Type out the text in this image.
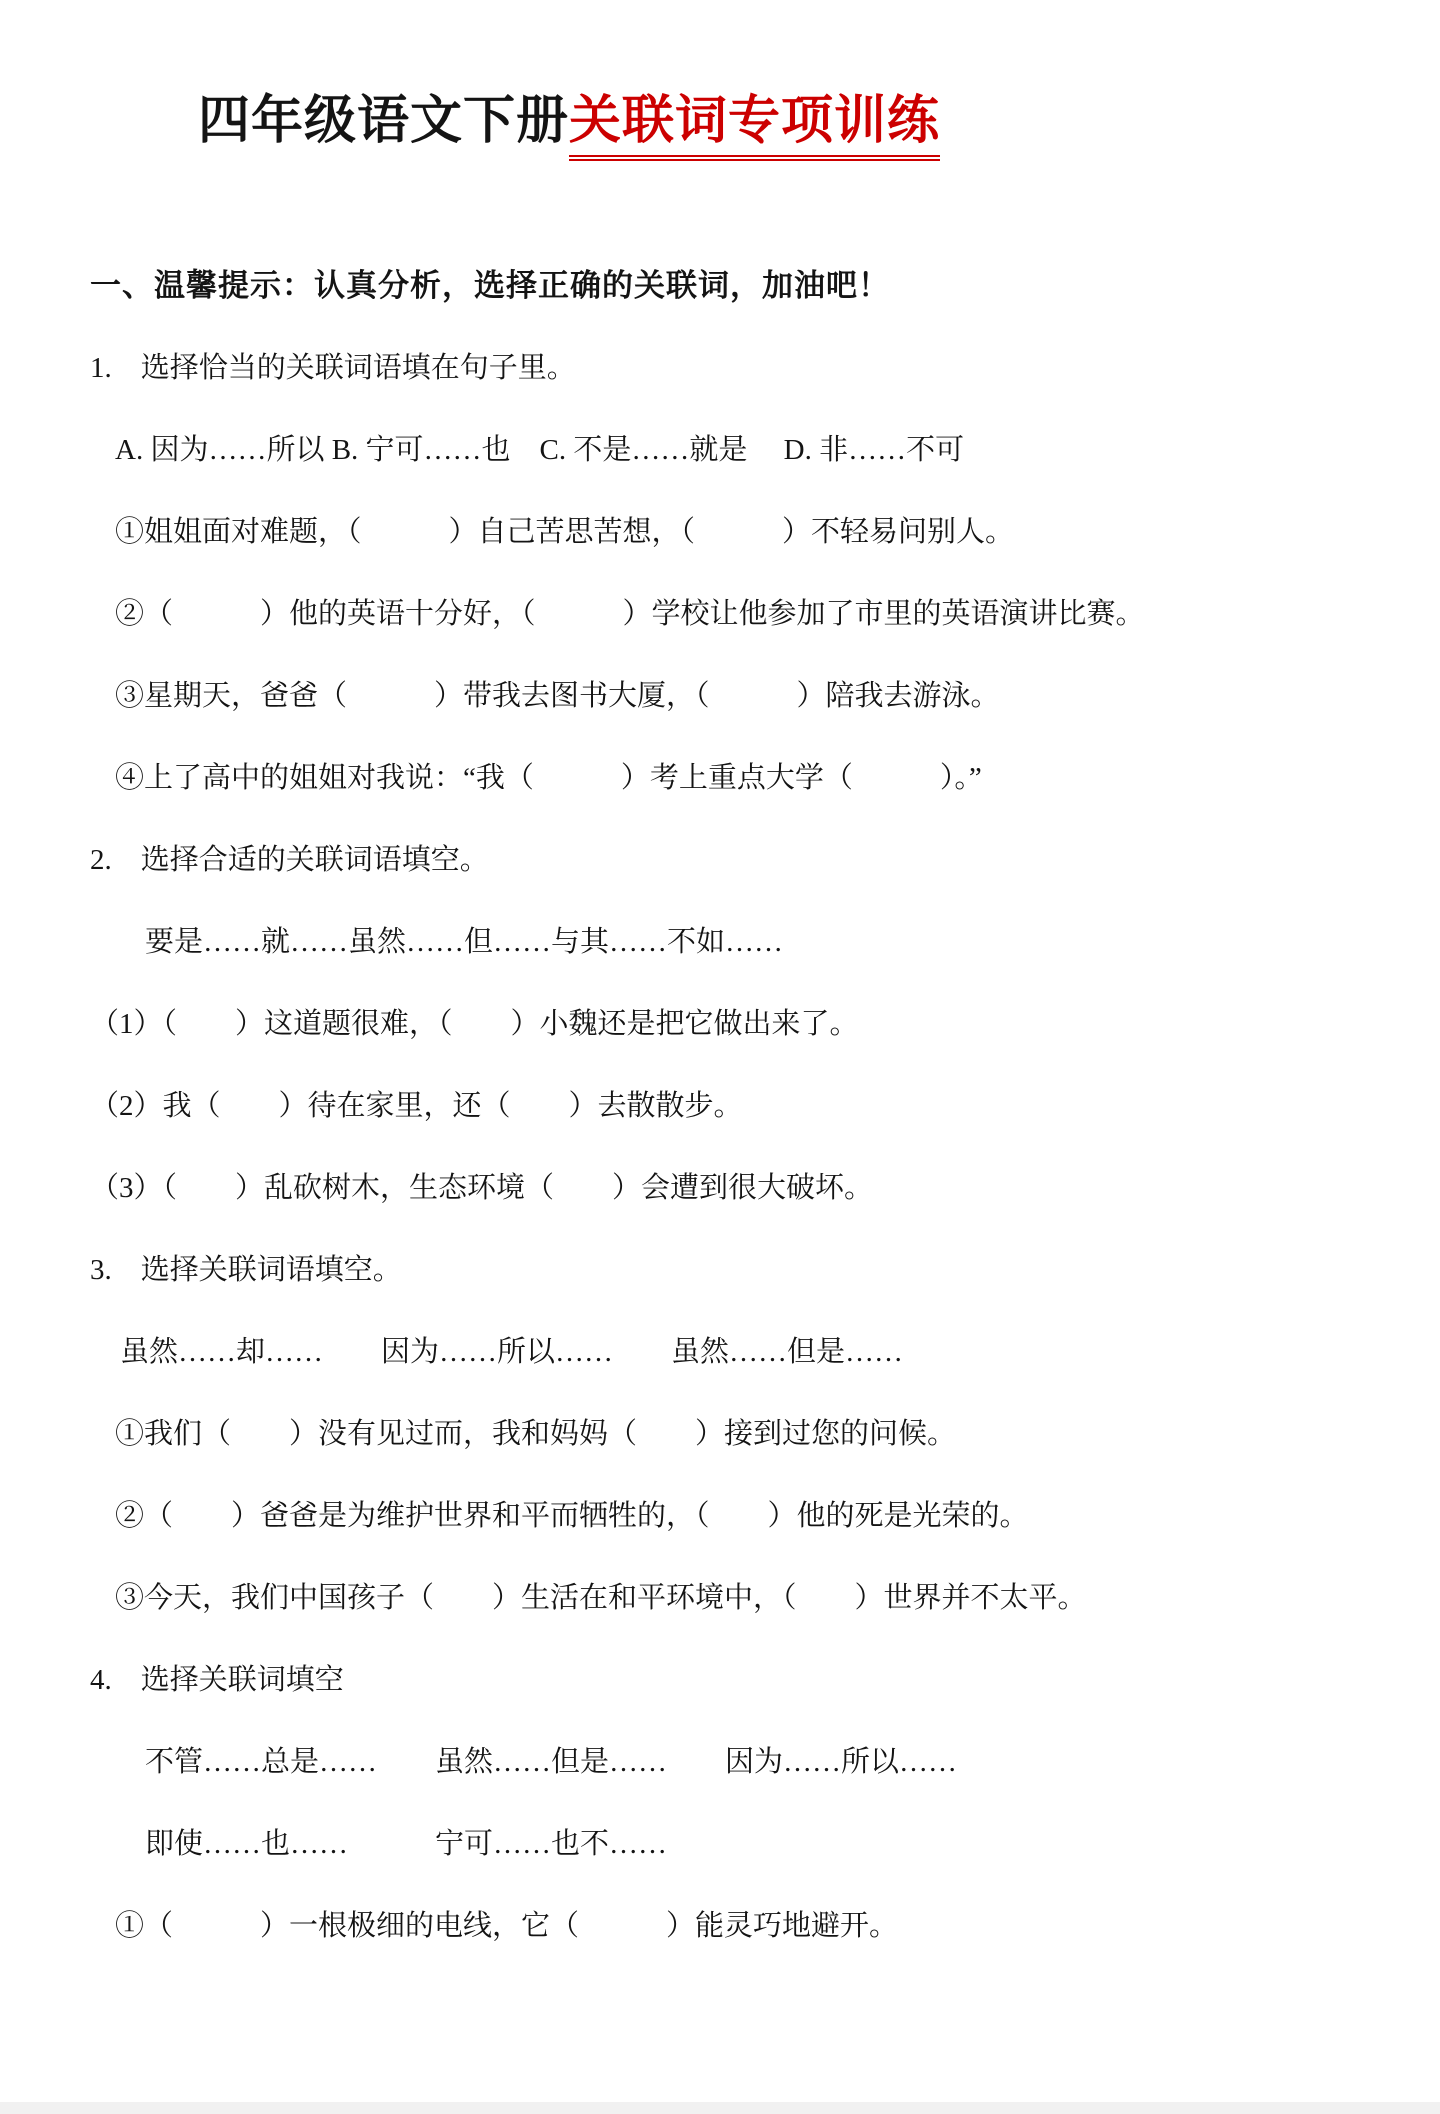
四年级语文下册关联词专项训练

一、温馨提示：认真分析，选择正确的关联词，加油吧！

1.　选择恰当的关联词语填在句子里。

A. 因为……所以 B. 宁可……也　C. 不是……就是　 D. 非……不可

①姐姐面对难题，（　　　）自己苦思苦想，（　　　）不轻易问别人。

②（　　　）他的英语十分好，（　　　）学校让他参加了市里的英语演讲比赛。

③星期天，爸爸（　　　）带我去图书大厦，（　　　）陪我去游泳。

④上了高中的姐姐对我说：“我（　　　）考上重点大学（　　　）。”

2.　选择合适的关联词语填空。

要是……就……虽然……但……与其……不如……

（1）（　　）这道题很难，（　　）小魏还是把它做出来了。

（2）我（　　）待在家里，还（　　）去散散步。

（3）（　　）乱砍树木，生态环境（　　）会遭到很大破坏。

3.　选择关联词语填空。

虽然……却……　　因为……所以……　　虽然……但是……

①我们（　　）没有见过而，我和妈妈（　　）接到过您的问候。

②（　　）爸爸是为维护世界和平而牺牲的，（　　）他的死是光荣的。

③今天，我们中国孩子（　　）生活在和平环境中，（　　）世界并不太平。

4.　选择关联词填空

不管……总是……　　虽然……但是……　　因为……所以……

即使……也……　　　宁可……也不……

①（　　　）一根极细的电线，它（　　　）能灵巧地避开。
